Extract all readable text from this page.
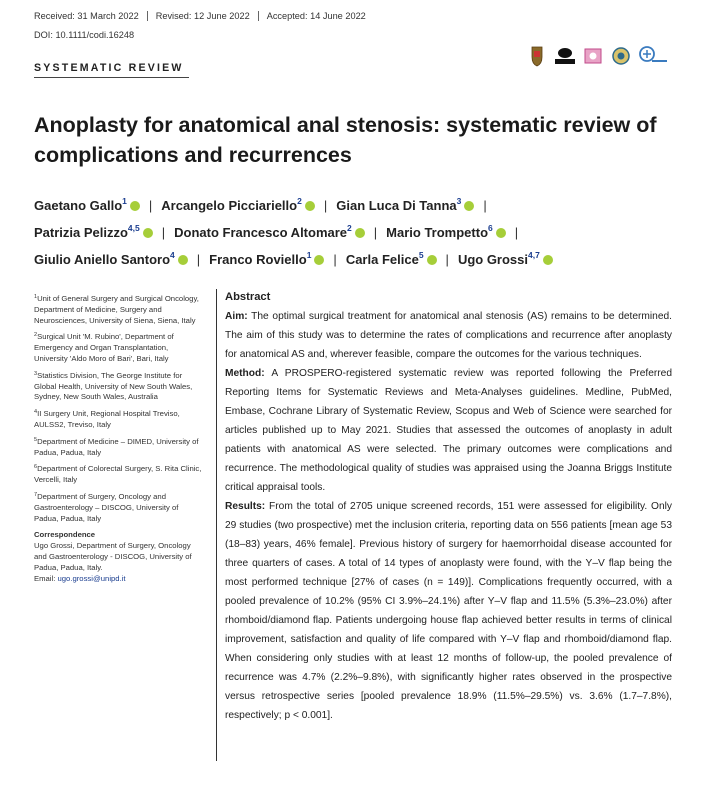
Received: 31 March 2022	Revised: 12 June 2022	Accepted: 14 June 2022
DOI: 10.1111/codi.16248
SYSTEMATIC REVIEW
Anoplasty for anatomical anal stenosis: systematic review of complications and recurrences
Gaetano Gallo$^1$ iD | Arcangelo Picciariello$^2$ iD | Gian Luca Di Tanna$^3$ iD |
Patrizia Pelizzo$^{4,5}$ iD | Donato Francesco Altomare$^2$ iD | Mario Trompetto$^6$ iD |
Giulio Aniello Santoro$^4$ iD | Franco Roviello$^1$ iD | Carla Felice$^5$ iD | Ugo Grossi$^{4,7}$iD
$^1$Unit of General Surgery and Surgical Oncology, Department of Medicine, Surgery and Neurosciences, University of Siena, Siena, Italy
$^2$Surgical Unit 'M. Rubino', Department of Emergency and Organ Transplantation, University 'Aldo Moro of Bari', Bari, Italy
$^3$Statistics Division, The George Institute for Global Health, University of New South Wales, Sydney, New South Wales, Australia
$^4$II Surgery Unit, Regional Hospital Treviso, AULSS2, Treviso, Italy
$^5$Department of Medicine – DIMED, University of Padua, Padua, Italy
$^6$Department of Colorectal Surgery, S. Rita Clinic, Vercelli, Italy
$^7$Department of Surgery, Oncology and Gastroenterology – DISCOG, University of Padua, Padua, Italy
Correspondence
Ugo Grossi, Department of Surgery, Oncology and Gastroenterology - DISCOG, University of Padua, Padua, Italy.
Email: ugo.grossi@unipd.it
Abstract

Aim: The optimal surgical treatment for anatomical anal stenosis (AS) remains to be determined. The aim of this study was to determine the rates of complications and recurrence after anoplasty for anatomical AS and, wherever feasible, compare the outcomes for the various techniques.

Method: A PROSPERO-registered systematic review was reported following the Preferred Reporting Items for Systematic Reviews and Meta-Analyses guidelines. Medline, PubMed, Embase, Cochrane Library of Systematic Review, Scopus and Web of Science were searched for articles published up to May 2021. Studies that assessed the outcomes of anoplasty in adult patients with anatomical AS were selected. The primary outcomes were complications and recurrence. The methodological quality of studies was appraised using the Joanna Briggs Institute critical appraisal tools.

Results: From the total of 2705 unique screened records, 151 were assessed for eligibility. Only 29 studies (two prospective) met the inclusion criteria, reporting data on 556 patients [mean age 53 (18–83) years, 46% female]. Previous history of surgery for haemorrhoidal disease accounted for three quarters of cases. A total of 14 types of anoplasty were found, with the Y–V flap being the most performed technique [27% of cases (n = 149)]. Complications frequently occurred, with a pooled prevalence of 10.2% (95% CI 3.9%–24.1%) after Y–V flap and 11.5% (5.3%–23.0%) after rhomboid/diamond flap. Patients undergoing house flap achieved better results in terms of clinical improvement, satisfaction and quality of life compared with Y–V flap and rhomboid/diamond flap. When considering only studies with at least 12 months of follow-up, the pooled prevalence of recurrence was 4.7% (2.2%–9.8%), with significantly higher rates observed in the prospective versus retrospective series [pooled prevalence 18.9% (11.5%–29.5%) vs. 3.6% (1.7–7.8%), respectively; p < 0.001].
